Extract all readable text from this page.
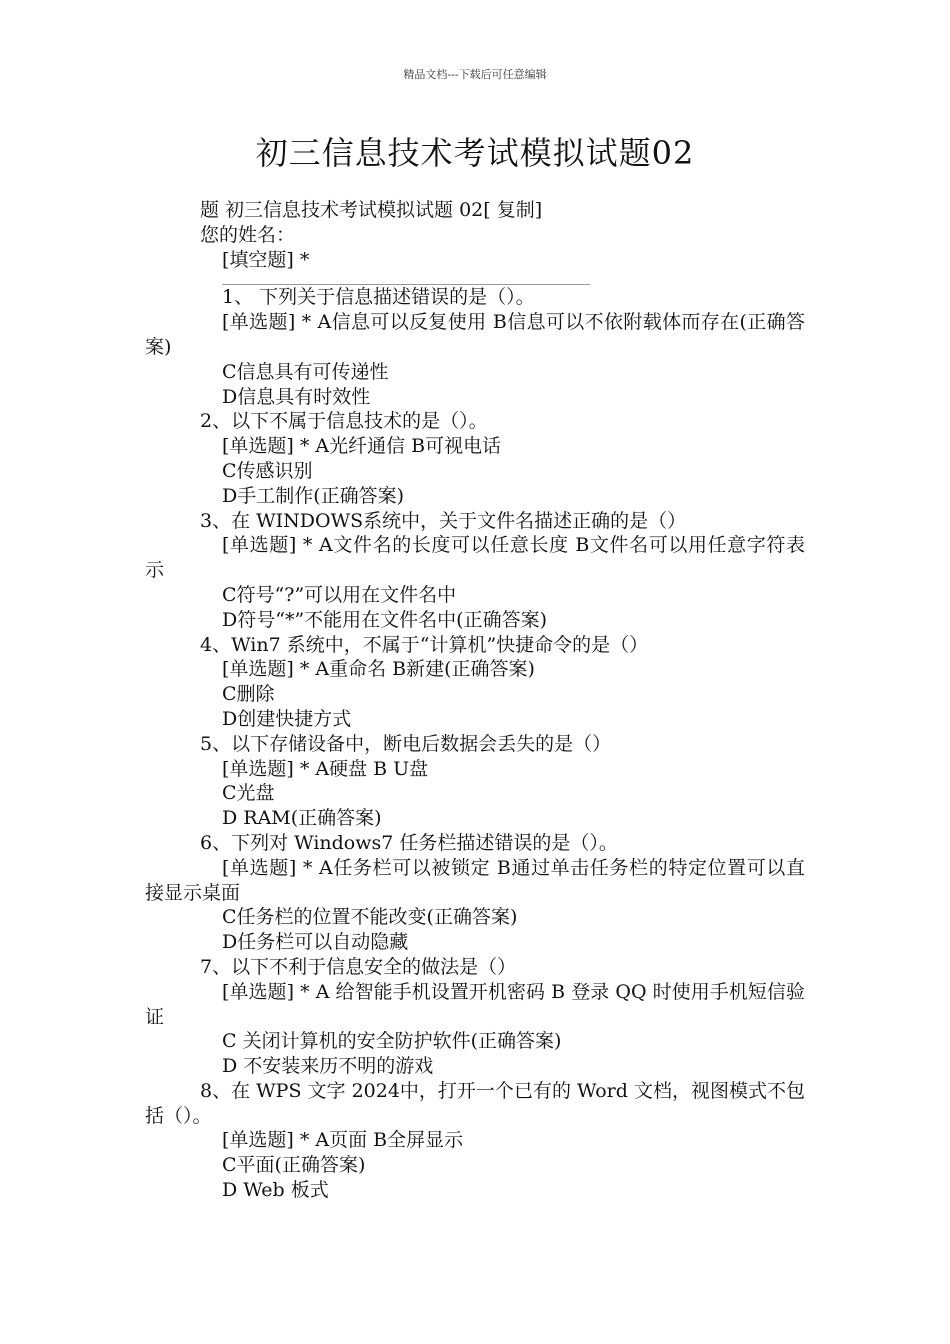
精品文档---下载后可任意编辑
初三信息技术考试模拟试题02

题 初三信息技术考试模拟试题 02[ 复制]

您的姓名：

[填空题] *

1、 下列关于信息描述错误的是（）。

[单选题] * A信息可以反复使用 B信息可以不依附载体而存在(正确答案)

C信息具有可传递性

D信息具有时效性

2、以下不属于信息技术的是（）。

[单选题] * A光纤通信 B可视电话

C传感识别

D手工制作(正确答案)

3、在 WINDOWS系统中，关于文件名描述正确的是（）

[单选题] * A文件名的长度可以任意长度 B文件名可以用任意字符表示

C符号“?”可以用在文件名中

D符号“*”不能用在文件名中(正确答案)

4、Win7 系统中，不属于“计算机”快捷命令的是（）

[单选题] * A重命名 B新建(正确答案)

C删除

D创建快捷方式

5、以下存储设备中，断电后数据会丢失的是（）

[单选题] * A硬盘 B U盘

C光盘

D RAM(正确答案)

6、下列对 Windows7 任务栏描述错误的是（）。

[单选题] * A任务栏可以被锁定 B通过单击任务栏的特定位置可以直接显示桌面

C任务栏的位置不能改变(正确答案)

D任务栏可以自动隐藏

7、以下不利于信息安全的做法是（）

[单选题] * A 给智能手机设置开机密码 B 登录 QQ 时使用手机短信验证

C 关闭计算机的安全防护软件(正确答案)

D 不安装来历不明的游戏

8、在 WPS 文字 2024中，打开一个已有的 Word 文档，视图模式不包括（）。

[单选题] * A页面 B全屏显示

C平面(正确答案)

D Web 板式
